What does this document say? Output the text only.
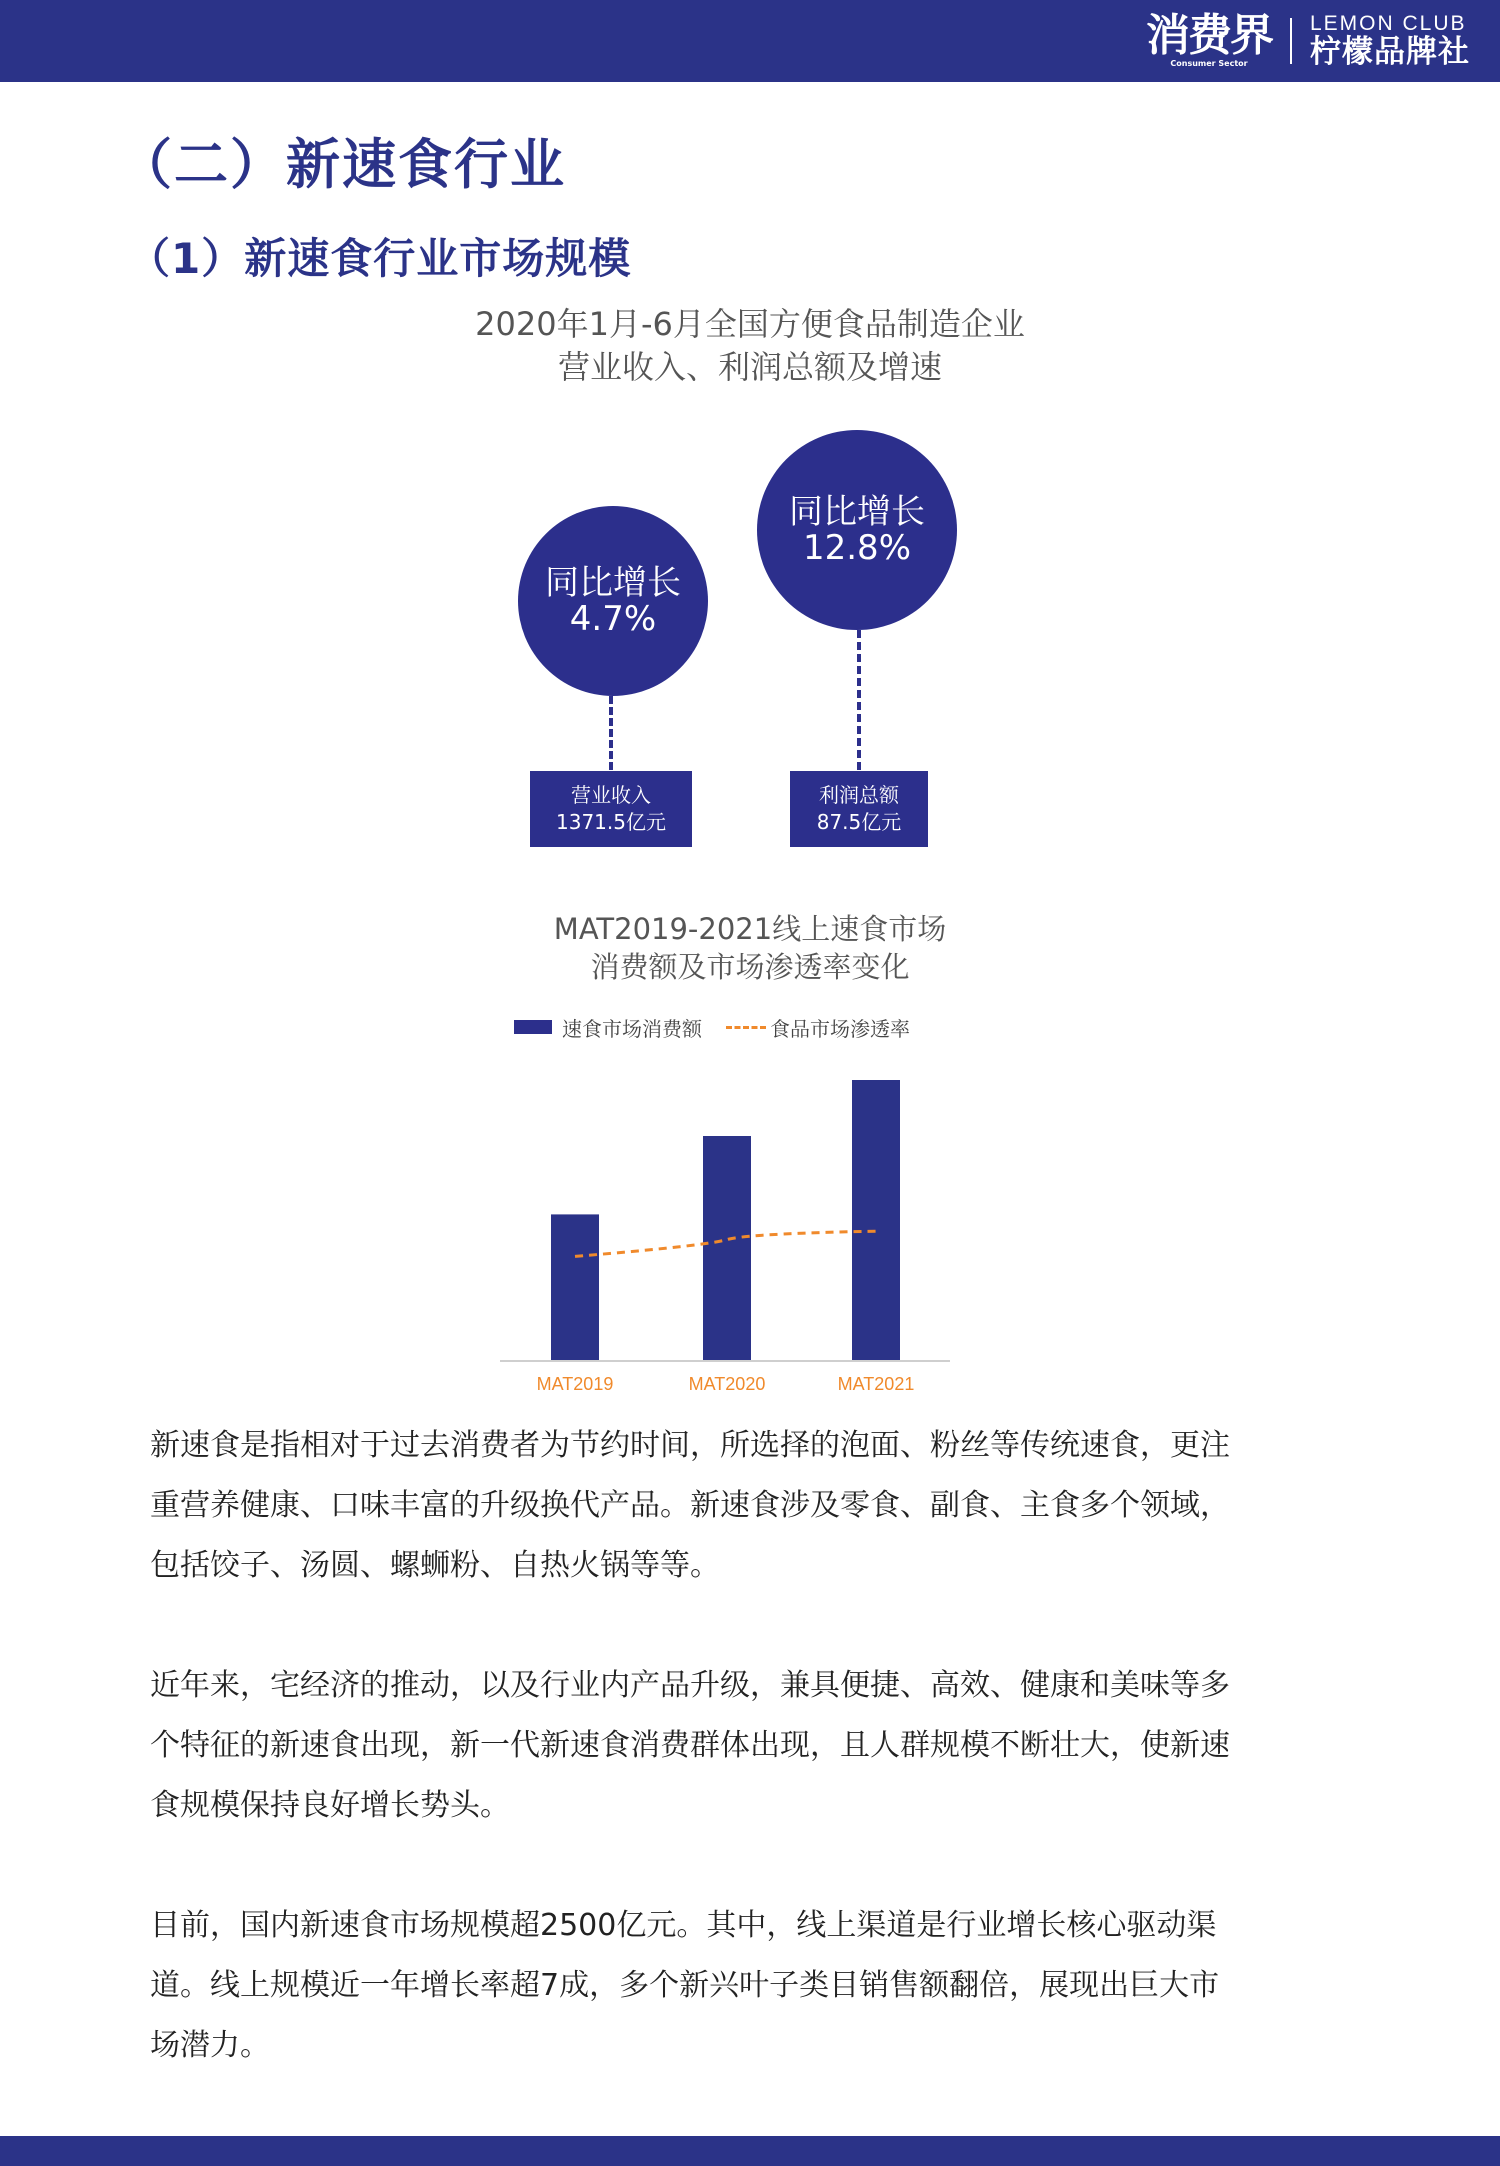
消费界
Consumer Sector
LEMON CLUB
柠檬品牌社
（二）新速食行业
（1）新速食行业市场规模
2020年1月-6月全国方便食品制造企业
营业收入、利润总额及增速
同比增长
4.7%
营业收入
1371.5亿元
同比增长
12.8%
利润总额
87.5亿元
MAT2019-2021线上速食市场
消费额及市场渗透率变化
速食市场消费额	食品市场渗透率
MAT2019	MAT2020	MAT2021
新速食是指相对于过去消费者为节约时间，所选择的泡面、粉丝等传统速食，更注
重营养健康、口味丰富的升级换代产品。新速食涉及零食、副食、主食多个领域，
包括饺子、汤圆、螺蛳粉、自热火锅等等。
近年来，宅经济的推动，以及行业内产品升级，兼具便捷、高效、健康和美味等多
个特征的新速食出现，新一代新速食消费群体出现，且人群规模不断壮大，使新速
食规模保持良好增长势头。
目前，国内新速食市场规模超2500亿元。其中，线上渠道是行业增长核心驱动渠
道。线上规模近一年增长率超7成，多个新兴叶子类目销售额翻倍，展现出巨大市
场潜力。
